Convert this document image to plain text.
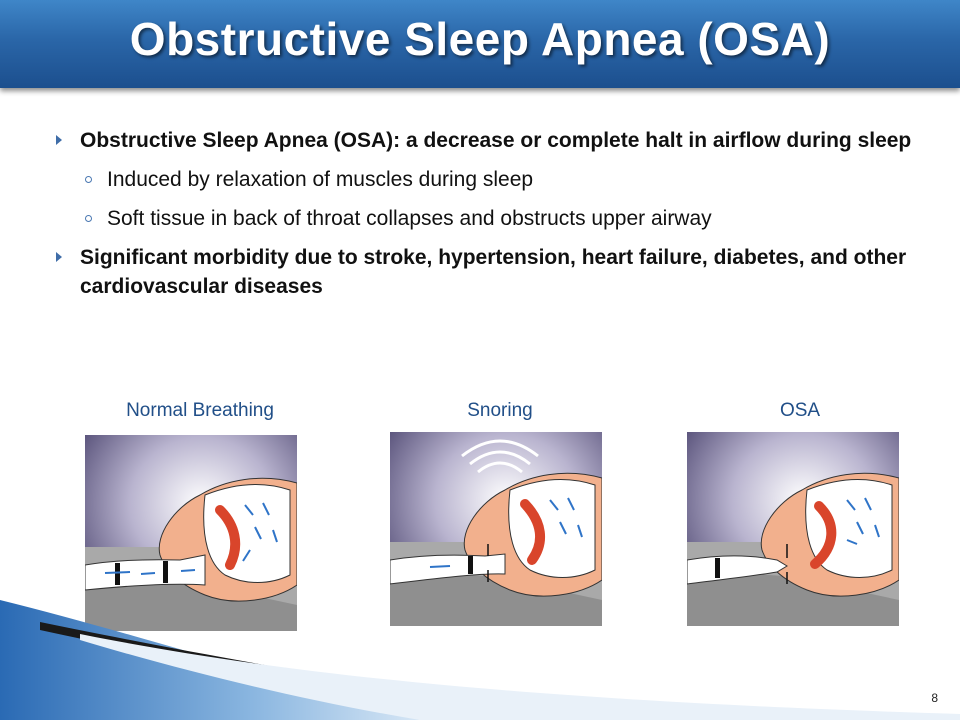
Obstructive Sleep Apnea (OSA)
Obstructive Sleep Apnea (OSA): a decrease or complete halt in airflow during sleep
Induced by relaxation of muscles during sleep
Soft tissue in back of throat collapses and obstructs upper airway
Significant morbidity due to stroke, hypertension, heart failure, diabetes, and other cardiovascular diseases
Normal Breathing	Snoring	OSA
8
